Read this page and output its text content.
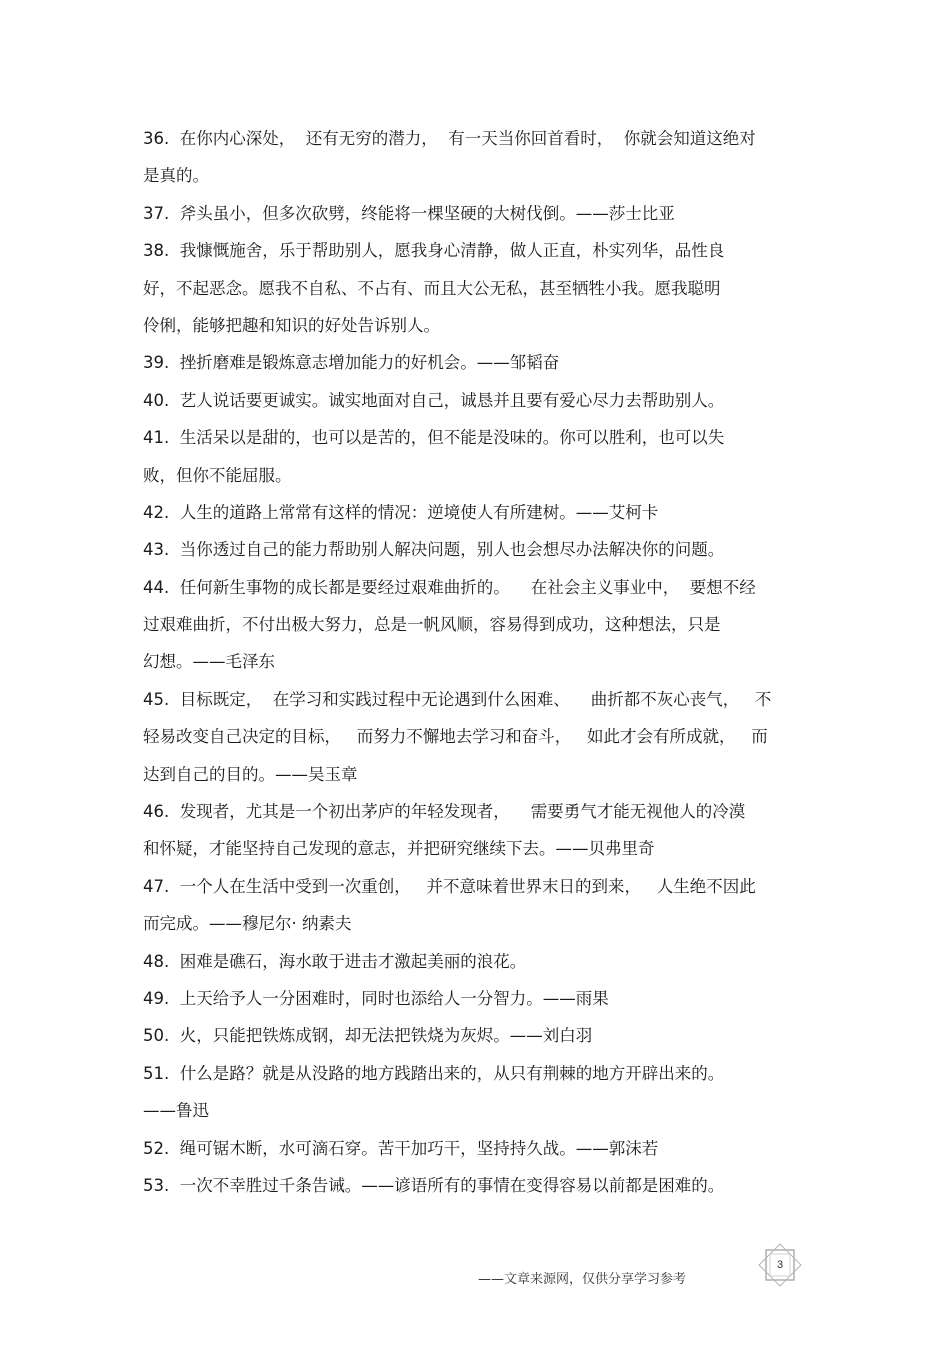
36.  在你内心深处，  还有无穷的潜力，  有一天当你回首看时，  你就会知道这绝对
是真的。
37.  斧头虽小，但多次砍劈，终能将一棵坚硬的大树伐倒。——莎士比亚
38.  我慷慨施舍，乐于帮助别人，愿我身心清静，做人正直，朴实列华，品性良
好，不起恶念。愿我不自私、不占有、而且大公无私，甚至牺牲小我。愿我聪明
伶俐，能够把趣和知识的好处告诉别人。
39.  挫折磨难是锻炼意志增加能力的好机会。——邹韬奋
40.  艺人说话要更诚实。诚实地面对自己，诚恳并且要有爱心尽力去帮助别人。
41.  生活呆以是甜的，也可以是苦的，但不能是没味的。你可以胜利，也可以失
败，但你不能屈服。
42.  人生的道路上常常有这样的情况：逆境使人有所建树。——艾柯卡
43.  当你透过自己的能力帮助别人解决问题，别人也会想尽办法解决你的问题。
44.  任何新生事物的成长都是要经过艰难曲折的。    在社会主义事业中，  要想不经
过艰难曲折，不付出极大努力，总是一帆风顺，容易得到成功，这种想法，只是
幻想。——毛泽东
45.  目标既定，  在学习和实践过程中无论遇到什么困难、    曲折都不灰心丧气，   不
轻易改变自己决定的目标，   而努力不懈地去学习和奋斗，   如此才会有所成就，   而
达到自己的目的。——吴玉章
46.  发现者，尤其是一个初出茅庐的年轻发现者，    需要勇气才能无视他人的冷漠
和怀疑，才能坚持自己发现的意志，并把研究继续下去。——贝弗里奇
47.  一个人在生活中受到一次重创，   并不意味着世界末日的到来，   人生绝不因此
而完成。——穆尼尔· 纳素夫
48.  困难是礁石，海水敢于进击才激起美丽的浪花。
49.  上天给予人一分困难时，同时也添给人一分智力。——雨果
50.  火，只能把铁炼成钢，却无法把铁烧为灰烬。——刘白羽
51.  什么是路？就是从没路的地方践踏出来的，从只有荆棘的地方开辟出来的。
——鲁迅
52.  绳可锯木断，水可滴石穿。苦干加巧干，坚持持久战。——郭沫若
53.  一次不幸胜过千条告诫。——谚语所有的事情在变得容易以前都是困难的。
——文章来源网，仅供分享学习参考
3
